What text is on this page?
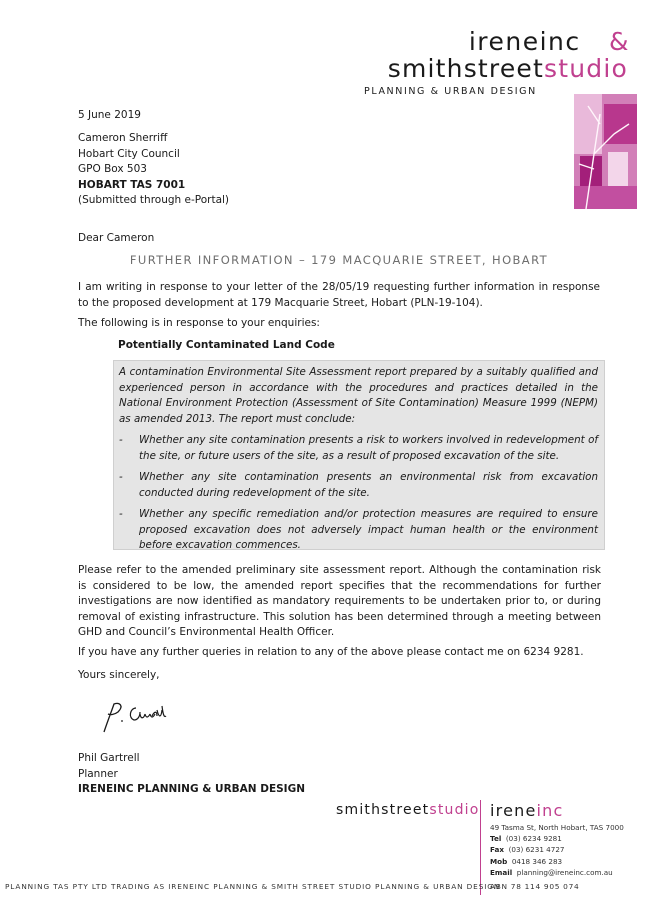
ireneinc &
smithstreetstudio
PLANNING & URBAN DESIGN
5 June 2019
Cameron Sherriff
Hobart City Council
GPO Box 503
HOBART TAS 7001
(Submitted through e-Portal)
Dear Cameron
FURTHER INFORMATION – 179 MACQUARIE STREET, HOBART
I am writing in response to your letter of the 28/05/19 requesting further information in response to the proposed development at 179 Macquarie Street, Hobart (PLN-19-104).
The following is in response to your enquiries:
Potentially Contaminated Land Code
A contamination Environmental Site Assessment report prepared by a suitably qualified and experienced person in accordance with the procedures and practices detailed in the National Environment Protection (Assessment of Site Contamination) Measure 1999 (NEPM) as amended 2013. The report must conclude:
- Whether any site contamination presents a risk to workers involved in redevelopment of the site, or future users of the site, as a result of proposed excavation of the site.
- Whether any site contamination presents an environmental risk from excavation conducted during redevelopment of the site.
- Whether any specific remediation and/or protection measures are required to ensure proposed excavation does not adversely impact human health or the environment before excavation commences.
Please refer to the amended preliminary site assessment report. Although the contamination risk is considered to be low, the amended report specifies that the recommendations for further investigations are now identified as mandatory requirements to be undertaken prior to, or during removal of existing infrastructure. This solution has been determined through a meeting between GHD and Council’s Environmental Health Officer.
If you have any further queries in relation to any of the above please contact me on 6234 9281.
Yours sincerely,
Phil Gartrell
Planner
IRENEINC PLANNING & URBAN DESIGN
smithstreetstudio ireneinc
49 Tasma St, North Hobart, TAS 7000
Tel (03) 6234 9281
Fax (03) 6231 4727
Mob 0418 346 283
Email planning@ireneinc.com.au
PLANNING TAS PTY LTD TRADING AS IRENEINC PLANNING & SMITH STREET STUDIO PLANNING & URBAN DESIGN
ABN 78 114 905 074
